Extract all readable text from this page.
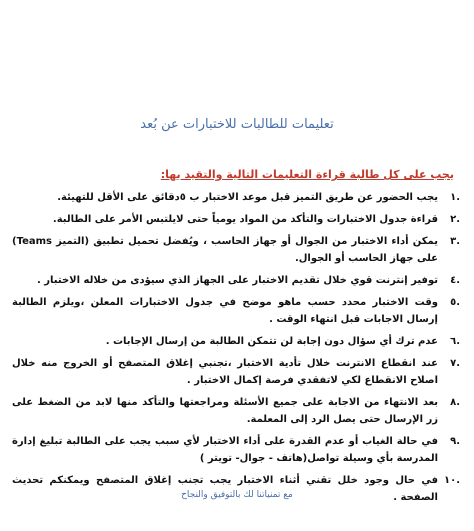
تعليمات للطالبات للاختبارات عن بُعد
يجب على كل طالبة قراءة التعليمات التالية والتقيد بها:
١.
يجب الحضور عن طريق التميز قبل موعد الاختبار ب ٥دقائق على الأقل للتهيئة.
٢.
قراءة جدول الاختبارات والتأكد من المواد يومياً حتى لايلتبس الأمر على الطالبة.
٣.
يمكن أداء الاختبار من الجوال أو جهاز الحاسب ، ويُفضل تحميل تطبيق (التميز Teams) على جهاز الحاسب أو الجوال.
٤.
توفير إنترنت قوي خلال تقديم الاختبار على الجهاز الذي سيؤدى من خلاله الاختبار .
٥.
وقت الاختبار محدد حسب ماهو موضح في جدول الاختبارات المعلن ،ويلزم الطالبة إرسال الاجابات قبل انتهاء الوقت .
٦.
عدم ترك أي سؤال دون إجابة لن تتمكن الطالبة من إرسال الإجابات .
٧.
عند انقطاع الانترنت خلال تأدية الاختبار ،تجنبي إغلاق المتصفح أو الخروج منه خلال اصلاح الانقطاع لكي لاتفقدي فرصة إكمال الاختبار .
٨.
بعد الانتهاء من الاجابة على جميع الأسئلة ومراجعتها والتأكد منها لابد من الضغط على زر الإرسال حتى يصل الرد إلى المعلمة.
٩.
في حالة الغياب أو عدم القدرة على أداء الاختبار لأي سبب يجب على الطالبة تبليغ إدارة المدرسة بأي وسيلة تواصل(هاتف - جوال- تويتر )
١٠.
في حال وجود خلل تقني أثناء الاختبار يجب تجنب إغلاق المتصفح ويمكنكم تحديث الصفحة .
مع تمنياتنا لك بالتوفيق والنجاح
